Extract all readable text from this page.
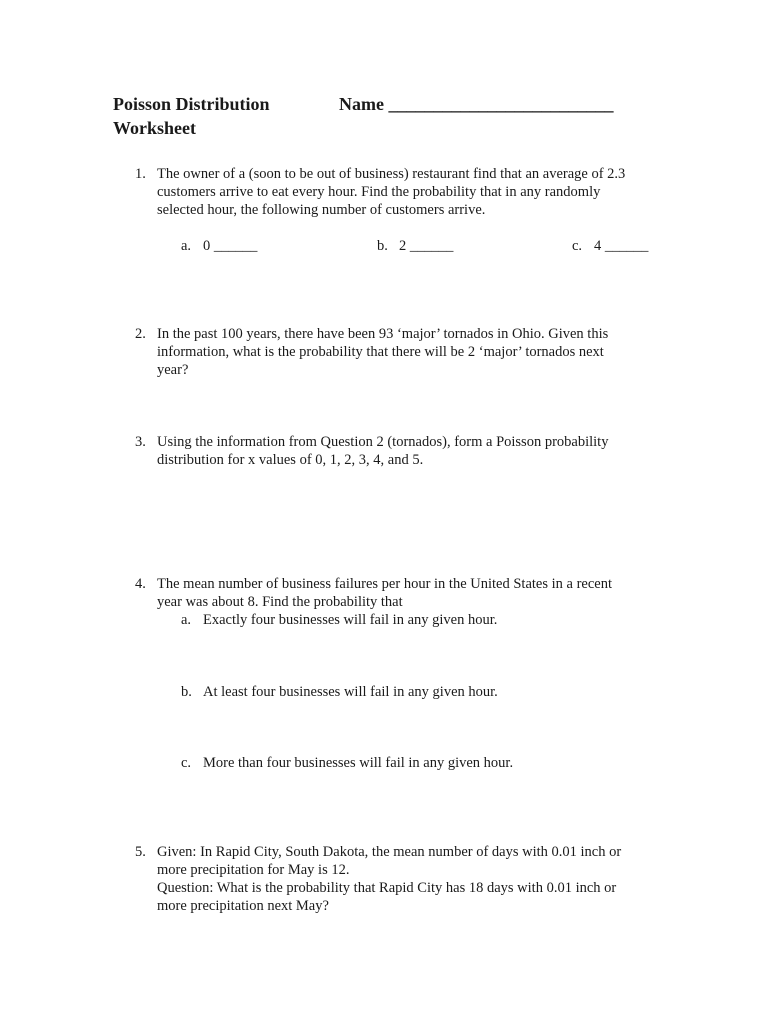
Poisson Distribution	Name _________________________
Worksheet
1. The owner of a (soon to be out of business) restaurant find that an average of 2.3
customers arrive to eat every hour. Find the probability that in any randomly
selected hour, the following number of customers arrive.
a. 0 ______	b. 2 ______	c. 4 ______
2. In the past 100 years, there have been 93 ‘major’ tornados in Ohio. Given this
information, what is the probability that there will be 2 ‘major’ tornados next
year?
3. Using the information from Question 2 (tornados), form a Poisson probability
distribution for x values of 0, 1, 2, 3, 4, and 5.
4. The mean number of business failures per hour in the United States in a recent
year was about 8. Find the probability that
a. Exactly four businesses will fail in any given hour.
b. At least four businesses will fail in any given hour.
c. More than four businesses will fail in any given hour.
5. Given: In Rapid City, South Dakota, the mean number of days with 0.01 inch or
more precipitation for May is 12.
Question: What is the probability that Rapid City has 18 days with 0.01 inch or
more precipitation next May?
